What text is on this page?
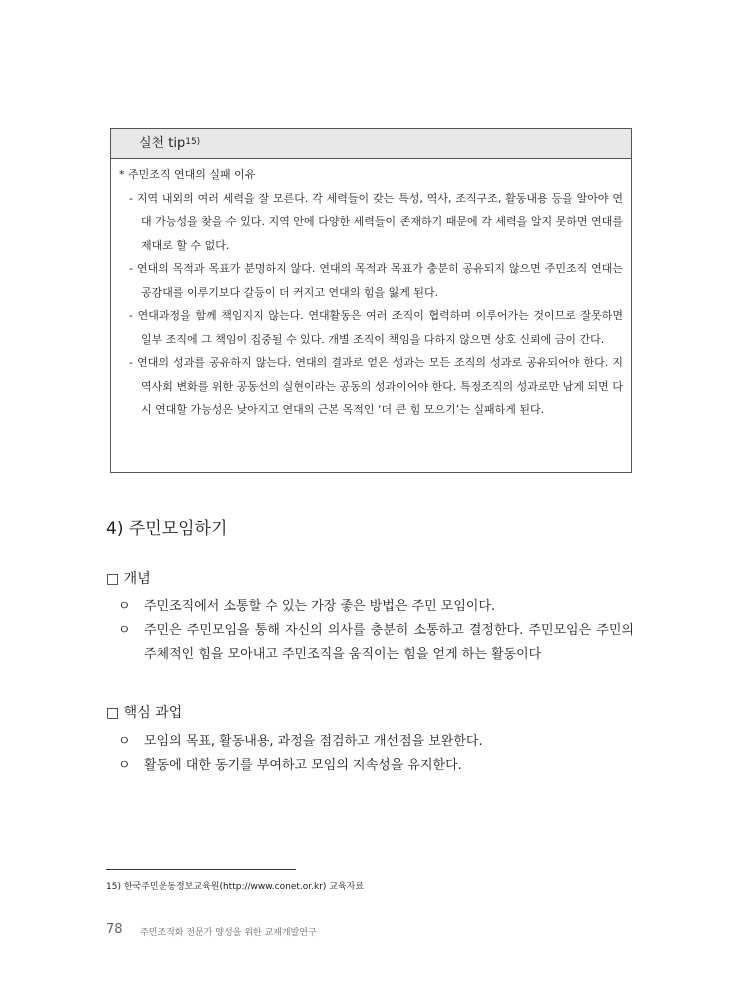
실천 tip$^{15)}$
* 주민조직 연대의 실패 이유
- 지역 내외의 여러 세력을 잘 모른다. 각 세력들이 갖는 특성, 역사, 조직구조, 활동내용 등을 알아야 연대 가능성을 찾을 수 있다. 지역 안에 다양한 세력들이 존재하기 때문에 각 세력을 알지 못하면 연대를 제대로 할 수 없다.
- 연대의 목적과 목표가 분명하지 않다. 연대의 목적과 목표가 충분히 공유되지 않으면 주민조직 연대는 공감대를 이루기보다 갈등이 더 커지고 연대의 힘을 잃게 된다.
- 연대과정을 함께 책임지지 않는다. 연대활동은 여러 조직이 협력하며 이루어가는 것이므로 잘못하면 일부 조직에 그 책임이 집중될 수 있다. 개별 조직이 책임을 다하지 않으면 상호 신뢰에 금이 간다.
- 연대의 성과를 공유하지 않는다. 연대의 결과로 얻은 성과는 모든 조직의 성과로 공유되어야 한다. 지역사회 변화를 위한 공동선의 실현이라는 공동의 성과이어야 한다. 특정조직의 성과로만 남게 되면 다시 연대할 가능성은 낮아지고 연대의 근본 목적인 ‘더 큰 힘 모으기’는 실패하게 된다.
4) 주민모임하기
□ 개념
ㅇ 주민조직에서 소통할 수 있는 가장 좋은 방법은 주민 모임이다.
ㅇ 주민은 주민모임을 통해 자신의 의사를 충분히 소통하고 결정한다. 주민모임은 주민의 주체적인 힘을 모아내고 주민조직을 움직이는 힘을 얻게 하는 활동이다
□ 핵심 과업
ㅇ 모임의 목표, 활동내용, 과정을 점검하고 개선점을 보완한다.
ㅇ 활동에 대한 동기를 부여하고 모임의 지속성을 유지한다.
15) 한국주민운동정보교육원(http://www.conet.or.kr) 교육자료
78 주민조직화 전문가 양성을 위한 교재개발연구
